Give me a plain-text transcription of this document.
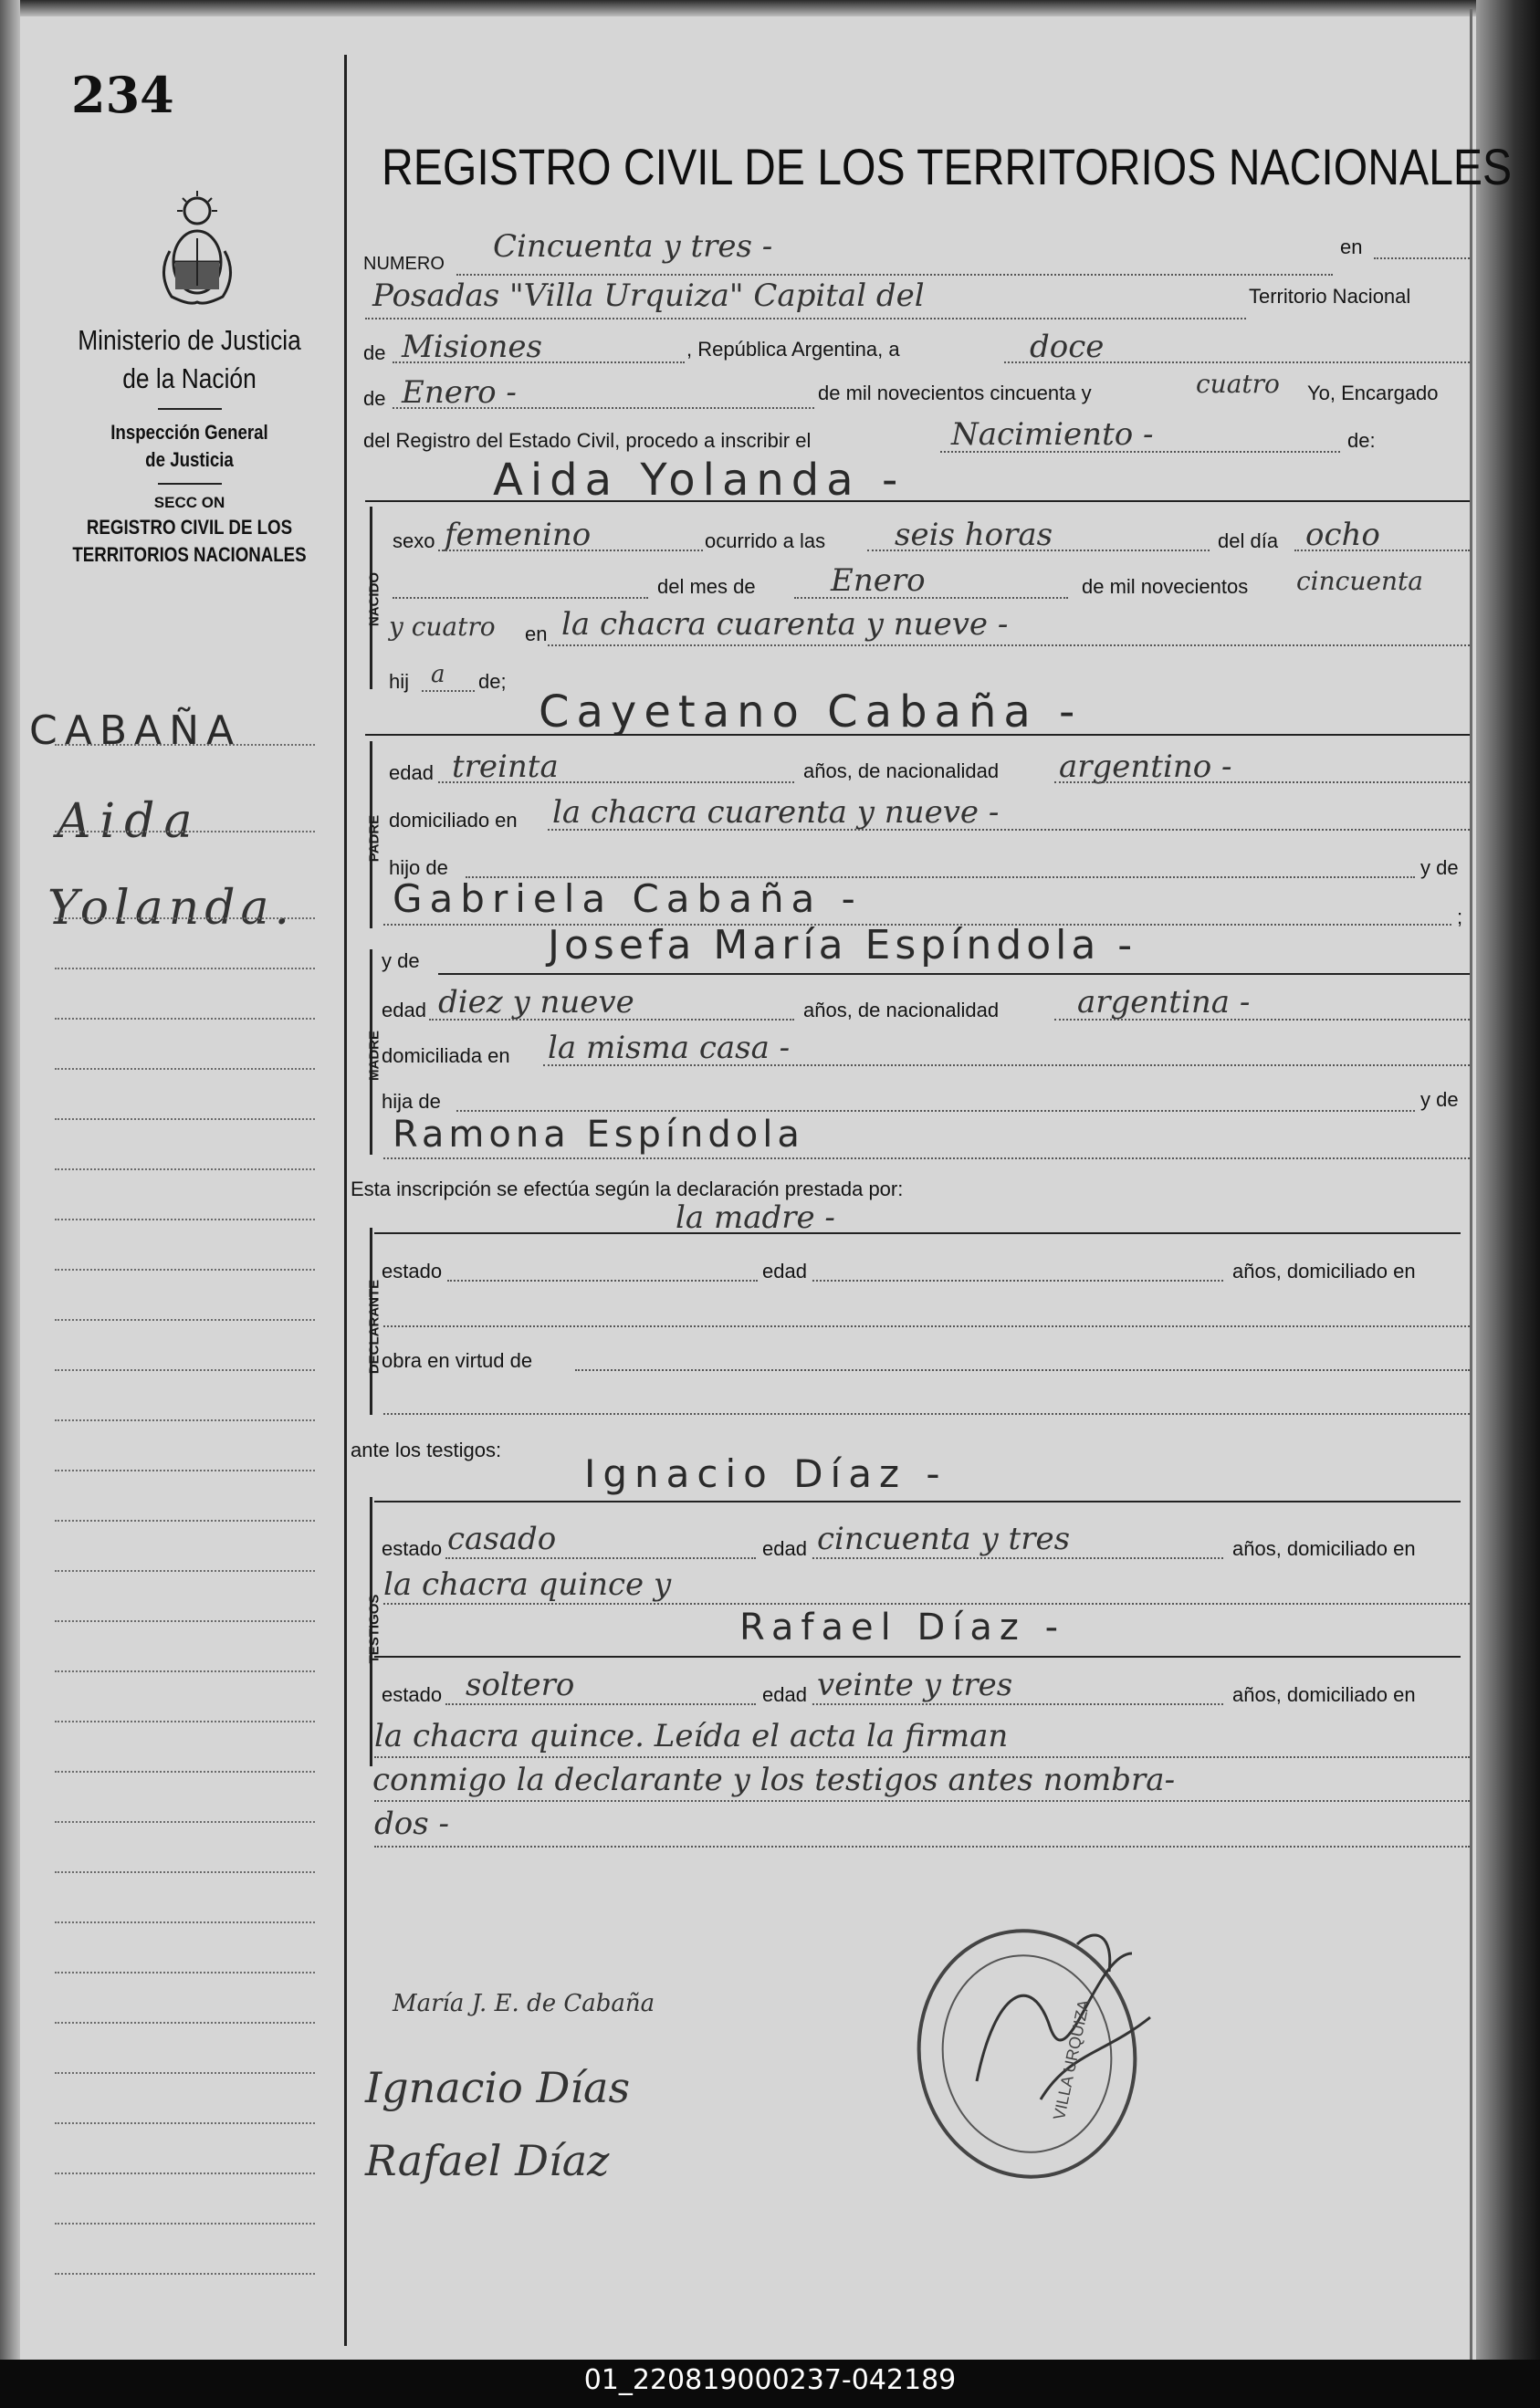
234
Ministerio de Justicia
de la Nación
Inspección General
de Justicia
SECC ON
REGISTRO CIVIL DE LOS
TERRITORIOS NACIONALES
CABAÑA
Aida
Yolanda.
REGISTRO CIVIL DE LOS TERRITORIOS NACIONALES
NUMERO Cincuenta y tres -	en
Posadas "Villa Urquiza" Capital del	Territorio Nacional
de Misiones	, República Argentina, a	doce
de Enero -	de mil novecientos cincuenta y	cuatro Yo, Encargado
del Registro del Estado Civil, procedo a inscribir el	Nacimiento -	de:
Aida Yolanda -
NACIDO
sexo femenino	ocurrido a las seis horas	del día ocho
del mes de Enero	de mil novecientos cincuenta
y cuatro en la chacra cuarenta y nueve -
hij a de;
Cayetano Cabaña -
PADRE
edad treinta	años, de nacionalidad argentino -
domiciliado en la chacra cuarenta y nueve -
hijo de	y de
Gabriela Cabaña -	;
MADRE
y de	Josefa María Espíndola -
edad diez y nueve	años, de nacionalidad	argentina -
domiciliada en la misma casa -
hija de	y de
Ramona Espíndola
Esta inscripción se efectúa según la declaración prestada por:
la madre -
DECLARANTE
estado	edad	años, domiciliado en
obra en virtud de
ante los testigos:
Ignacio Díaz -
TESTIGOS
estado casado	edad cincuenta y tres	años, domiciliado en
la chacra quince y
Rafael Díaz -
estado soltero	edad veinte y tres	años, domiciliado en
la chacra quince. Leída el acta la firman
conmigo la declarante y los testigos antes nombra-
dos -
María J. E. de Cabaña
Ignacio Días
Rafael Díaz
VILLA URQUIZA
01_220819000237-042189
